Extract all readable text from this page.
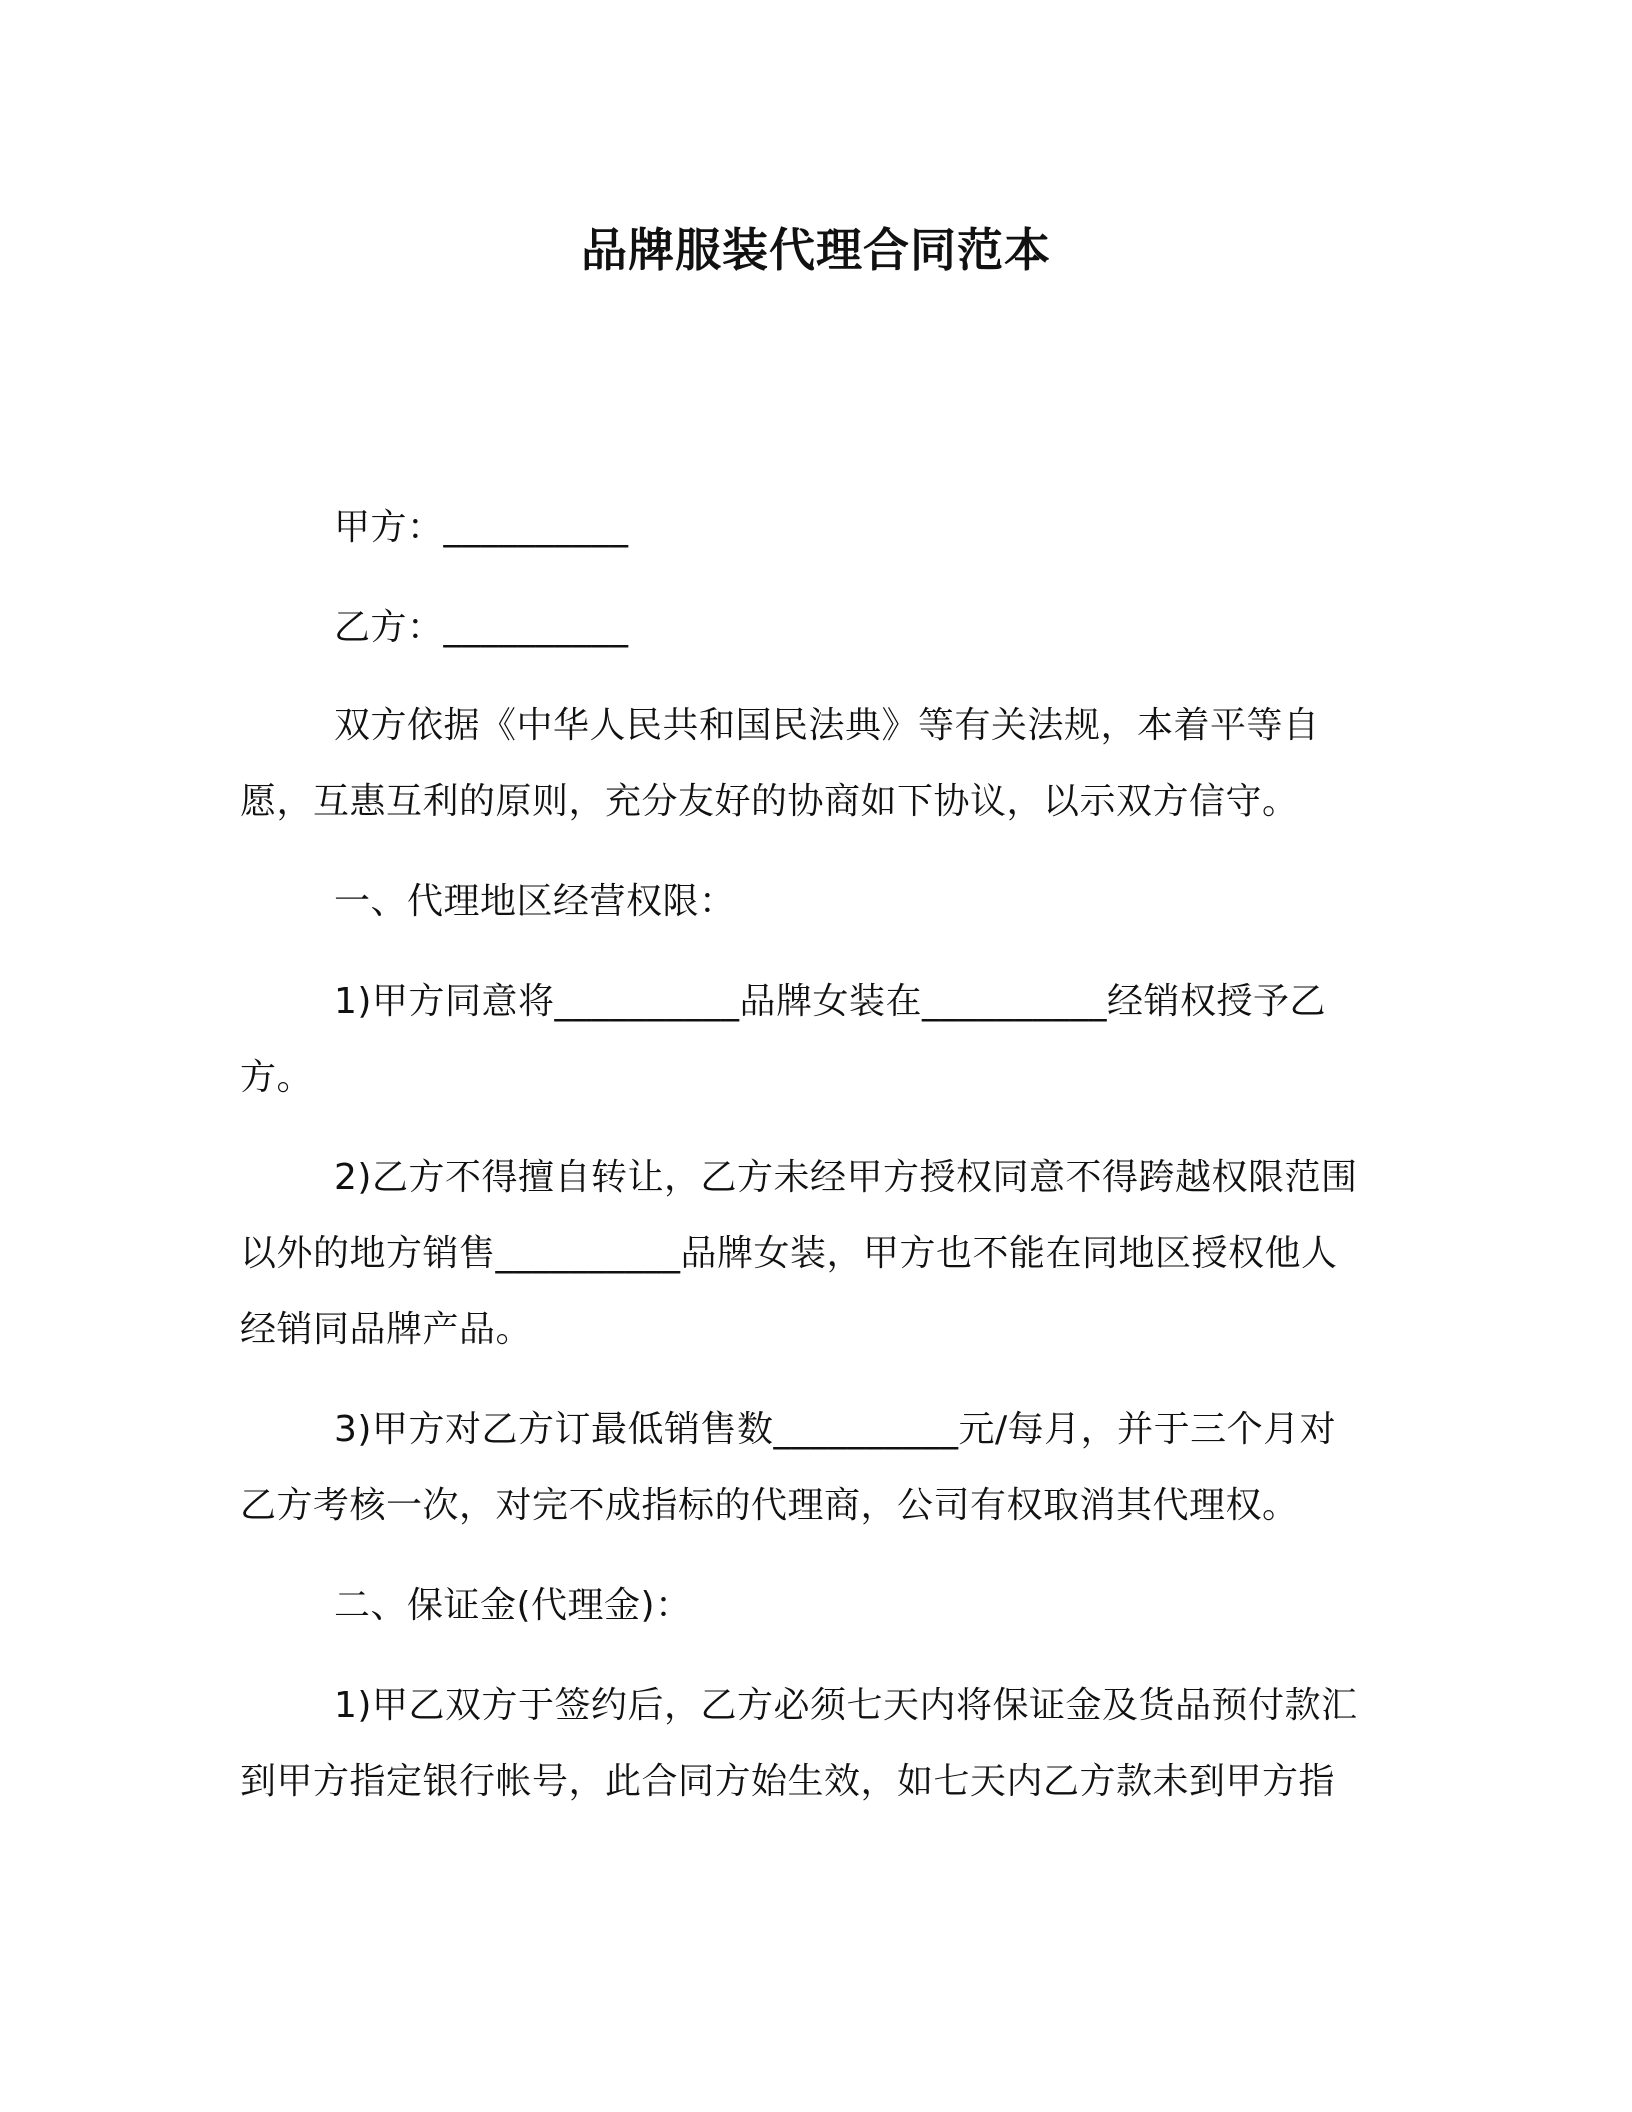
品牌服装代理合同范本
甲方：__________
乙方：__________
双方依据《中华人民共和国民法典》等有关法规，本着平等自
愿，互惠互利的原则，充分友好的协商如下协议，以示双方信守。
一、代理地区经营权限：
1)甲方同意将__________品牌女装在__________经销权授予乙
方。
2)乙方不得擅自转让，乙方未经甲方授权同意不得跨越权限范围
以外的地方销售__________品牌女装，甲方也不能在同地区授权他人
经销同品牌产品。
3)甲方对乙方订最低销售数__________元/每月，并于三个月对
乙方考核一次，对完不成指标的代理商，公司有权取消其代理权。
二、保证金(代理金)：
1)甲乙双方于签约后，乙方必须七天内将保证金及货品预付款汇
到甲方指定银行帐号，此合同方始生效，如七天内乙方款未到甲方指
